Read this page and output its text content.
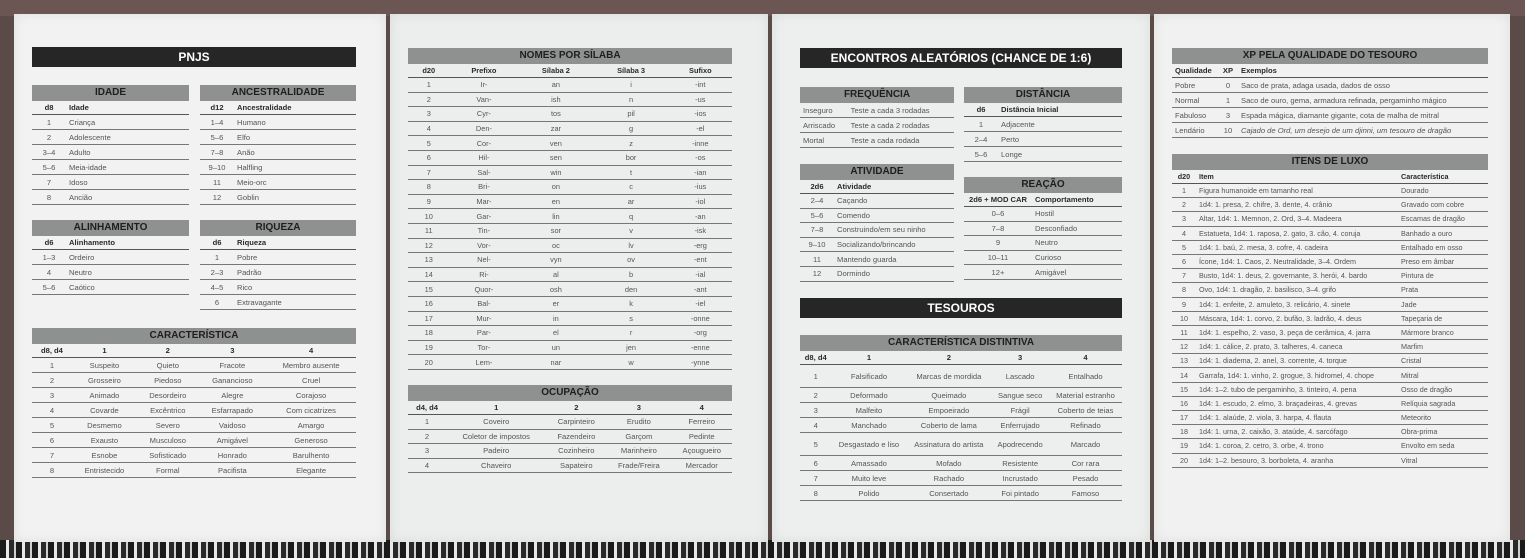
PNJS
IDADE
d8	Idade
1	Criança
2	Adolescente
3–4	Adulto
5–6	Meia-idade
7	Idoso
8	Ancião
ANCESTRALIDADE
d12	Ancestralidade
1–4	Humano
5–6	Elfo
7–8	Anão
9–10	Halfling
11	Meio-orc
12	Goblin
ALINHAMENTO
d6	Alinhamento
1–3	Ordeiro
4	Neutro
5–6	Caótico
RIQUEZA
d6	Riqueza
1	Pobre
2–3	Padrão
4–5	Rico
6	Extravagante
CARACTERÍSTICA
d8, d4	1	2	3	4
1	Suspeito	Quieto	Fracote	Membro ausente
2	Grosseiro	Piedoso	Ganancioso	Cruel
3	Animado	Desordeiro	Alegre	Corajoso
4	Covarde	Excêntrico	Esfarrapado	Com cicatrizes
5	Desmemo	Severo	Vaidoso	Amargo
6	Exausto	Musculoso	Amigável	Generoso
7	Esnobe	Sofisticado	Honrado	Barulhento
8	Entristecido	Formal	Pacifista	Elegante
NOMES POR SÍLABA
d20	Prefixo	Sílaba 2	Sílaba 3	Sufixo
1	Ir-	an	i	-int
2	Van-	ish	n	-us
3	Cyr-	tos	pil	-ios
4	Den-	zar	g	-el
5	Cor-	ven	z	-inne
6	Hil-	sen	bor	-os
7	Sal-	win	t	-ian
8	Bri-	on	c	-ius
9	Mar-	en	ar	-iol
10	Gar-	lin	q	-an
11	Tin-	sor	v	-isk
12	Vor-	oc	lv	-erg
13	Nel-	vyn	ov	-ent
14	Ri-	al	b	-ial
15	Quor-	osh	den	-ant
16	Bal-	er	k	-iel
17	Mur-	in	s	-onne
18	Par-	el	r	-org
19	Tor-	un	jen	-enne
20	Lem-	nar	w	-ynne
OCUPAÇÃO
d4, d4	1	2	3	4
1	Coveiro	Carpinteiro	Erudito	Ferreiro
2	Coletor de impostos	Fazendeiro	Garçom	Pedinte
3	Padeiro	Cozinheiro	Marinheiro	Açougueiro
4	Chaveiro	Sapateiro	Frade/Freira	Mercador
ENCONTROS ALEATÓRIOS (CHANCE DE 1:6)
FREQUÊNCIA
Inseguro	Teste a cada 3 rodadas
Arriscado	Teste a cada 2 rodadas
Mortal	Teste a cada rodada
DISTÂNCIA
d6	Distância Inicial
1	Adjacente
2–4	Perto
5–6	Longe
ATIVIDADE
2d6	Atividade
2–4	Caçando
5–6	Comendo
7–8	Construindo/em seu ninho
9–10	Socializando/brincando
11	Mantendo guarda
12	Dormindo
REAÇÃO
2d6 + MOD CAR	Comportamento
0–6	Hostil
7–8	Desconfiado
9	Neutro
10–11	Curioso
12+	Amigável
TESOUROS
CARACTERÍSTICA DISTINTIVA
d8, d4	1	2	3	4
1	Falsificado	Marcas de mordida	Lascado	Entalhado
2	Deformado	Queimado	Sangue seco	Material estranho
3	Malfeito	Empoeirado	Frágil	Coberto de teias
4	Manchado	Coberto de lama	Enferrujado	Refinado
5	Desgastado e liso	Assinatura do artista	Apodrecendo	Marcado
6	Amassado	Mofado	Resistente	Cor rara
7	Muito leve	Rachado	Incrustado	Pesado
8	Polido	Consertado	Foi pintado	Famoso
XP PELA QUALIDADE DO TESOURO
Qualidade	XP	Exemplos
Pobre	0	Saco de prata, adaga usada, dados de osso
Normal	1	Saco de ouro, gema, armadura refinada, pergaminho mágico
Fabuloso	3	Espada mágica, diamante gigante, cota de malha de mitral
Lendário	10	Cajado de Ord, um desejo de um djinni, um tesouro de dragão
ITENS DE LUXO
d20	Item	Característica
1	Figura humanoide em tamanho real	Dourado
2	1d4: 1. presa, 2. chifre, 3. dente, 4. crânio	Gravado com cobre
3	Altar, 1d4: 1. Memnon, 2. Ord, 3–4. Madeera	Escamas de dragão
4	Estatueta, 1d4: 1. raposa, 2. gato, 3. cão, 4. coruja	Banhado a ouro
5	1d4: 1. baú, 2. mesa, 3. cofre, 4. cadeira	Entalhado em osso
6	Ícone, 1d4: 1. Caos, 2. Neutralidade, 3–4. Ordem	Preso em âmbar
7	Busto, 1d4: 1. deus, 2. governante, 3. herói, 4. bardo	Pintura de
8	Ovo, 1d4: 1. dragão, 2. basilisco, 3–4. grifo	Prata
9	1d4: 1. enfeite, 2. amuleto, 3. relicário, 4. sinete	Jade
10	Máscara, 1d4: 1. corvo, 2. bufão, 3. ladrão, 4. deus	Tapeçaria de
11	1d4: 1. espelho, 2. vaso, 3. peça de cerâmica, 4. jarra	Mármore branco
12	1d4: 1. cálice, 2. prato, 3. talheres, 4. caneca	Marfim
13	1d4: 1. diadema, 2. anel, 3. corrente, 4. torque	Cristal
14	Garrafa, 1d4: 1. vinho, 2. grogue, 3. hidromel, 4. chope	Mitral
15	1d4: 1–2. tubo de pergaminho, 3. tinteiro, 4. pena	Osso de dragão
16	1d4: 1. escudo, 2. elmo, 3. braçadeiras, 4. grevas	Relíquia sagrada
17	1d4: 1. alaúde, 2. viola, 3. harpa, 4. flauta	Meteorito
18	1d4: 1. urna, 2. caixão, 3. ataúde, 4. sarcófago	Obra-prima
19	1d4: 1. coroa, 2. cetro, 3. orbe, 4. trono	Envolto em seda
20	1d4: 1–2. besouro, 3. borboleta, 4. aranha	Vitral
